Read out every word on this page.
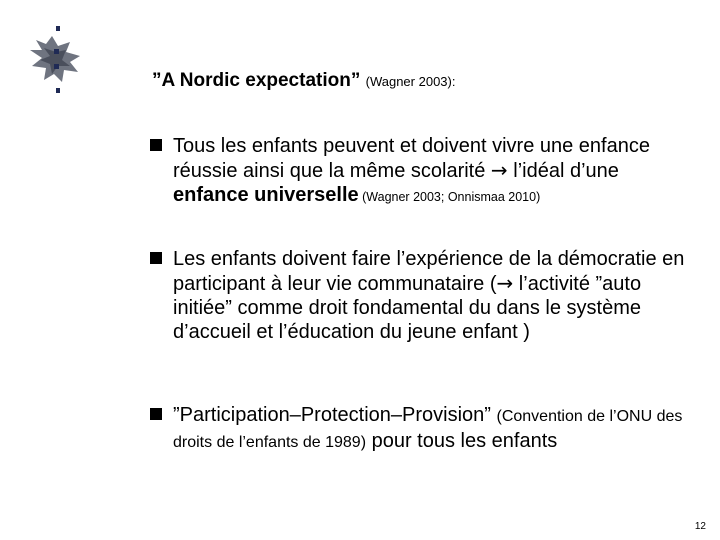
”A Nordic expectation” (Wagner 2003):
Tous les enfants peuvent et doivent vivre une enfance réussie ainsi que la même scolarité → l’idéal d’une enfance universelle (Wagner 2003; Onnismaa 2010)
Les enfants doivent faire l’expérience de la démocratie en participant à leur vie communataire (→ l’activité ”auto initiée” comme droit fondamental du dans le système d’accueil et l’éducation du jeune enfant )
”Participation–Protection–Provision” (Convention de l’ONU des droits de l’enfants de 1989) pour tous les enfants
12
